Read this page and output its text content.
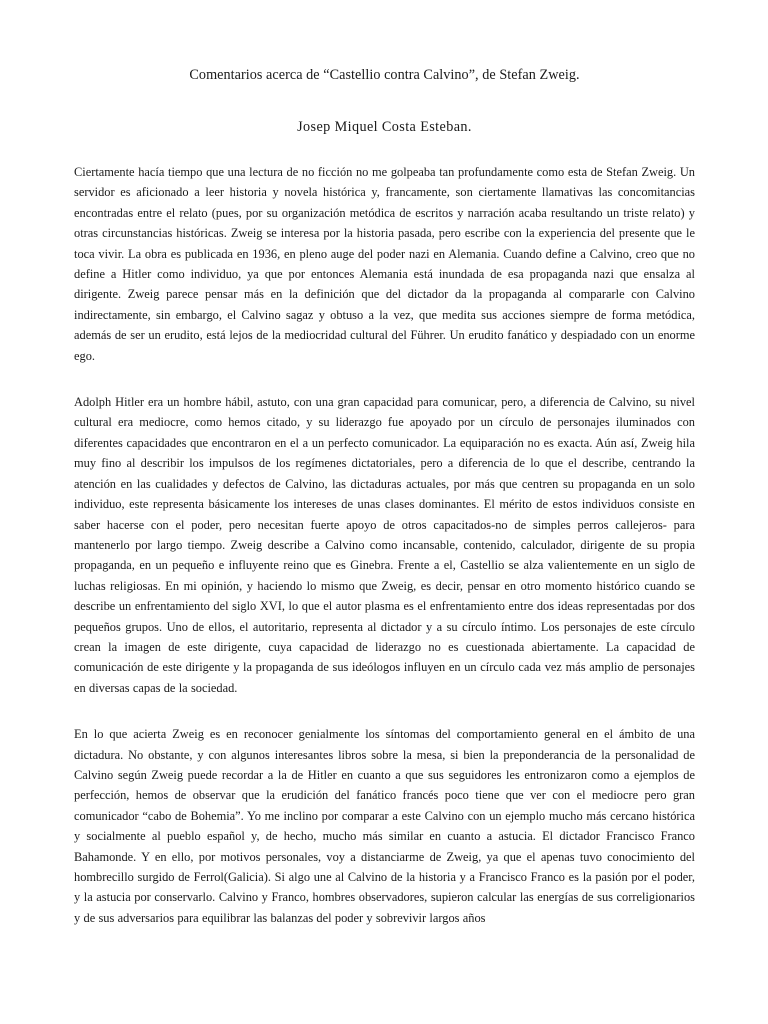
Comentarios acerca de “Castellio contra Calvino”, de Stefan Zweig.
Josep Miquel Costa Esteban.

Ciertamente hacía tiempo que una lectura de no ficción no me golpeaba tan profundamente como esta de Stefan Zweig. Un servidor es aficionado a leer historia y novela histórica y, francamente, son ciertamente llamativas las concomitancias encontradas entre el relato (pues, por su organización metódica de escritos y narración acaba resultando un triste relato) y otras circunstancias históricas. Zweig se interesa por la historia pasada, pero escribe con la experiencia del presente que le toca vivir. La obra es publicada en 1936, en pleno auge del poder nazi en Alemania. Cuando define a Calvino, creo que no define a Hitler como individuo, ya que por entonces Alemania está inundada de esa propaganda nazi que ensalza al dirigente. Zweig parece pensar más en la definición que del dictador da la propaganda al compararle con Calvino indirectamente, sin embargo, el Calvino sagaz y obtuso a la vez, que medita sus acciones siempre de forma metódica, además de ser un erudito, está lejos de la mediocridad cultural del Führer. Un erudito fanático y despiadado con un enorme ego.

Adolph Hitler era un hombre hábil, astuto, con una gran capacidad para comunicar, pero, a diferencia de Calvino, su nivel cultural era mediocre, como hemos citado, y su liderazgo fue apoyado por un círculo de personajes iluminados con diferentes capacidades que encontraron en el a un perfecto comunicador. La equiparación no es exacta. Aún así, Zweig hila muy fino al describir los impulsos de los regímenes dictatoriales, pero a diferencia de lo que el describe, centrando la atención en las cualidades y defectos de Calvino, las dictaduras actuales, por más que centren su propaganda en un solo individuo, este representa básicamente los intereses de unas clases dominantes. El mérito de estos individuos consiste en saber hacerse con el poder, pero necesitan fuerte apoyo de otros capacitados-no de simples perros callejeros- para mantenerlo por largo tiempo. Zweig describe a Calvino como incansable, contenido, calculador, dirigente de su propia propaganda, en un pequeño e influyente reino que es Ginebra. Frente a el, Castellio se alza valientemente en un siglo de luchas religiosas. En mi opinión, y haciendo lo mismo que Zweig, es decir, pensar en otro momento histórico cuando se describe un enfrentamiento del siglo XVI, lo que el autor plasma es el enfrentamiento entre dos ideas representadas por dos pequeños grupos. Uno de ellos, el autoritario, representa al dictador y a su círculo íntimo. Los personajes de este círculo crean la imagen de este dirigente, cuya capacidad de liderazgo no es cuestionada abiertamente. La capacidad de comunicación de este dirigente y la propaganda de sus ideólogos influyen en un círculo cada vez más amplio de personajes en diversas capas de la sociedad.

En lo que acierta Zweig es en reconocer genialmente los síntomas del comportamiento general en el ámbito de una dictadura. No obstante, y con algunos interesantes libros sobre la mesa, si bien la preponderancia de la personalidad de Calvino según Zweig puede recordar a la de Hitler en cuanto a que sus seguidores les entronizaron como a ejemplos de perfección, hemos de observar que la erudición del fanático francés poco tiene que ver con el mediocre pero gran comunicador “cabo de Bohemia”. Yo me inclino por comparar a este Calvino con un ejemplo mucho más cercano histórica y socialmente al pueblo español y, de hecho, mucho más similar en cuanto a astucia. El dictador Francisco Franco Bahamonde. Y en ello, por motivos personales, voy a distanciarme de Zweig, ya que el apenas tuvo conocimiento del hombrecillo surgido de Ferrol(Galicia). Si algo une al Calvino de la historia y a Francisco Franco es la pasión por el poder, y la astucia por conservarlo. Calvino y Franco, hombres observadores, supieron calcular las energías de sus correligionarios y de sus adversarios para equilibrar las balanzas del poder y sobrevivir largos años
